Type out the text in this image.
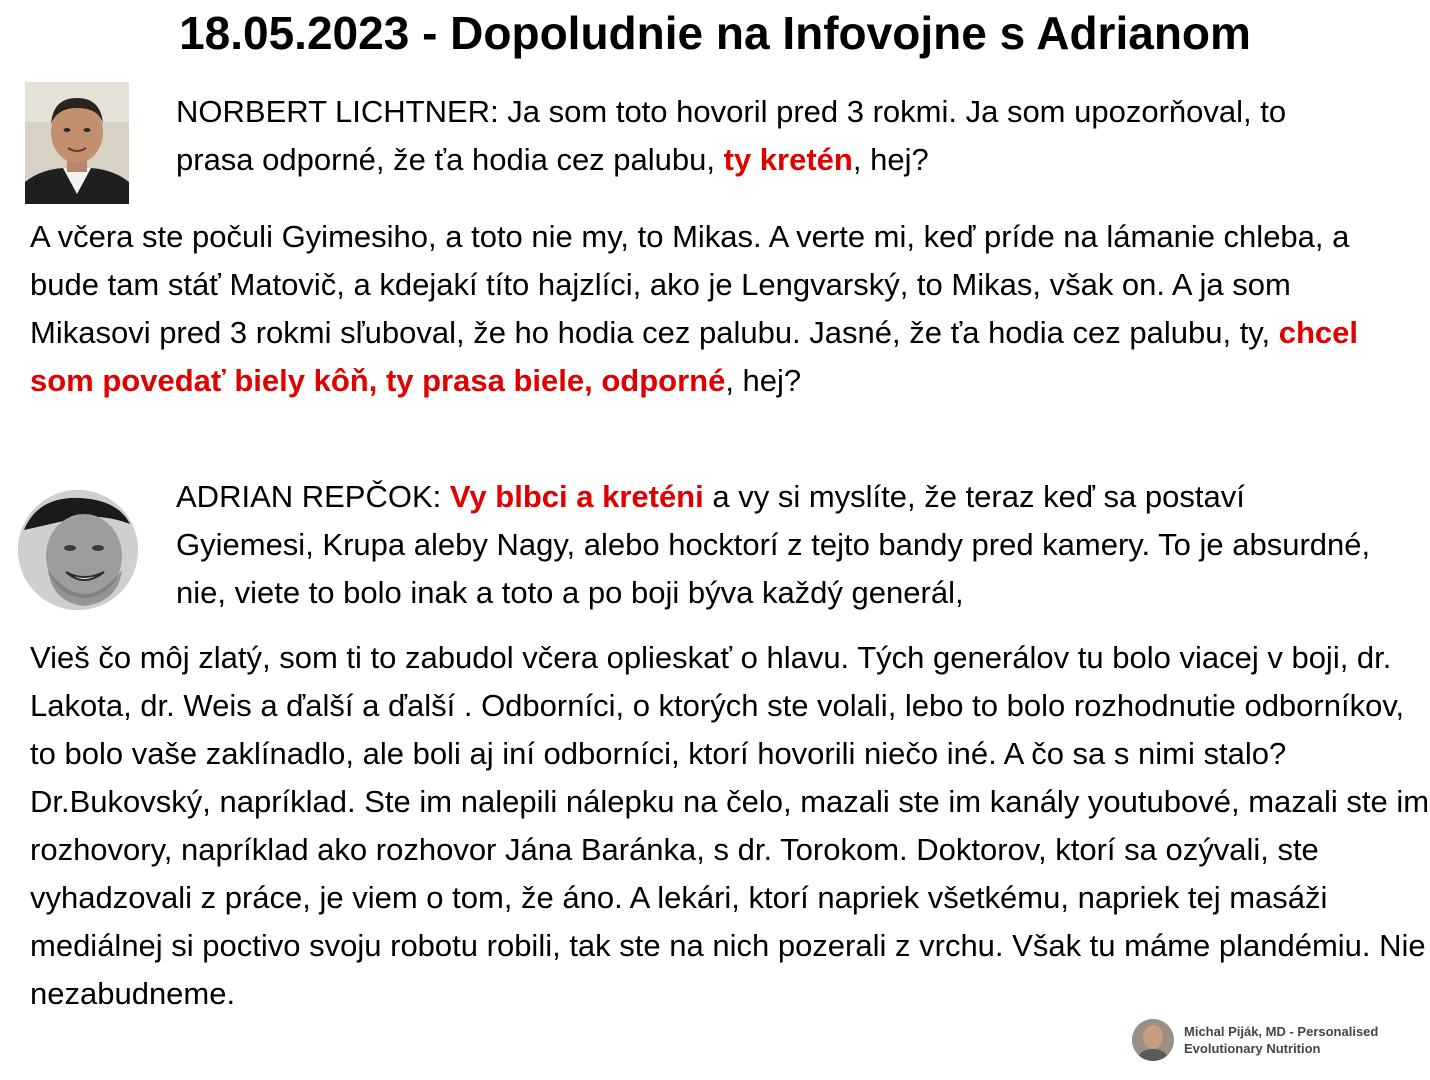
18.05.2023 - Dopoludnie na Infovojne s Adrianom

NORBERT LICHTNER: Ja som toto hovoril pred 3 rokmi. Ja som upozorňoval, to prasa odporné, že ťa hodia cez palubu, ty kretén, hej?

A včera ste počuli Gyimesiho, a toto nie my, to Mikas. A verte mi, keď príde na lámanie chleba, a bude tam stáť Matovič, a kdejakí títo hajzlíci, ako je Lengvarský, to Mikas, však on. A ja som Mikasovi pred 3 rokmi sľuboval, že ho hodia cez palubu. Jasné, že ťa hodia cez palubu, ty, chcel som povedať biely kôň, ty prasa biele, odporné, hej?

ADRIAN REPČOK: Vy blbci a kreténi a vy si myslíte, že teraz keď sa postaví Gyiemesi, Krupa aleby Nagy, alebo hocktorí z tejto bandy pred kamery. To je absurdné, nie, viete to bolo inak a toto a po boji býva každý generál,

Vieš čo môj zlatý, som ti to zabudol včera oplieskať o hlavu. Tých generálov tu bolo viacej v boji, dr. Lakota, dr. Weis a ďalší a ďalší . Odborníci, o ktorých ste volali, lebo to bolo rozhodnutie odborníkov, to bolo vaše zaklínadlo, ale boli aj iní odborníci, ktorí hovorili niečo iné. A čo sa s nimi stalo? Dr.Bukovský, napríklad. Ste im nalepili nálepku na čelo, mazali ste im kanály youtubové, mazali ste im rozhovory, napríklad ako rozhovor Jána Baránka, s dr. Torokom. Doktorov, ktorí sa ozývali, ste vyhadzovali z práce, je viem o tom, že áno. A lekári, ktorí napriek všetkému, napriek tej masáži mediálnej si poctivo svoju robotu robili, tak ste na nich pozerali z vrchu. Však tu máme plandémiu. Nie nezabudneme.

Michal Piják, MD - Personalised
Evolutionary Nutrition
